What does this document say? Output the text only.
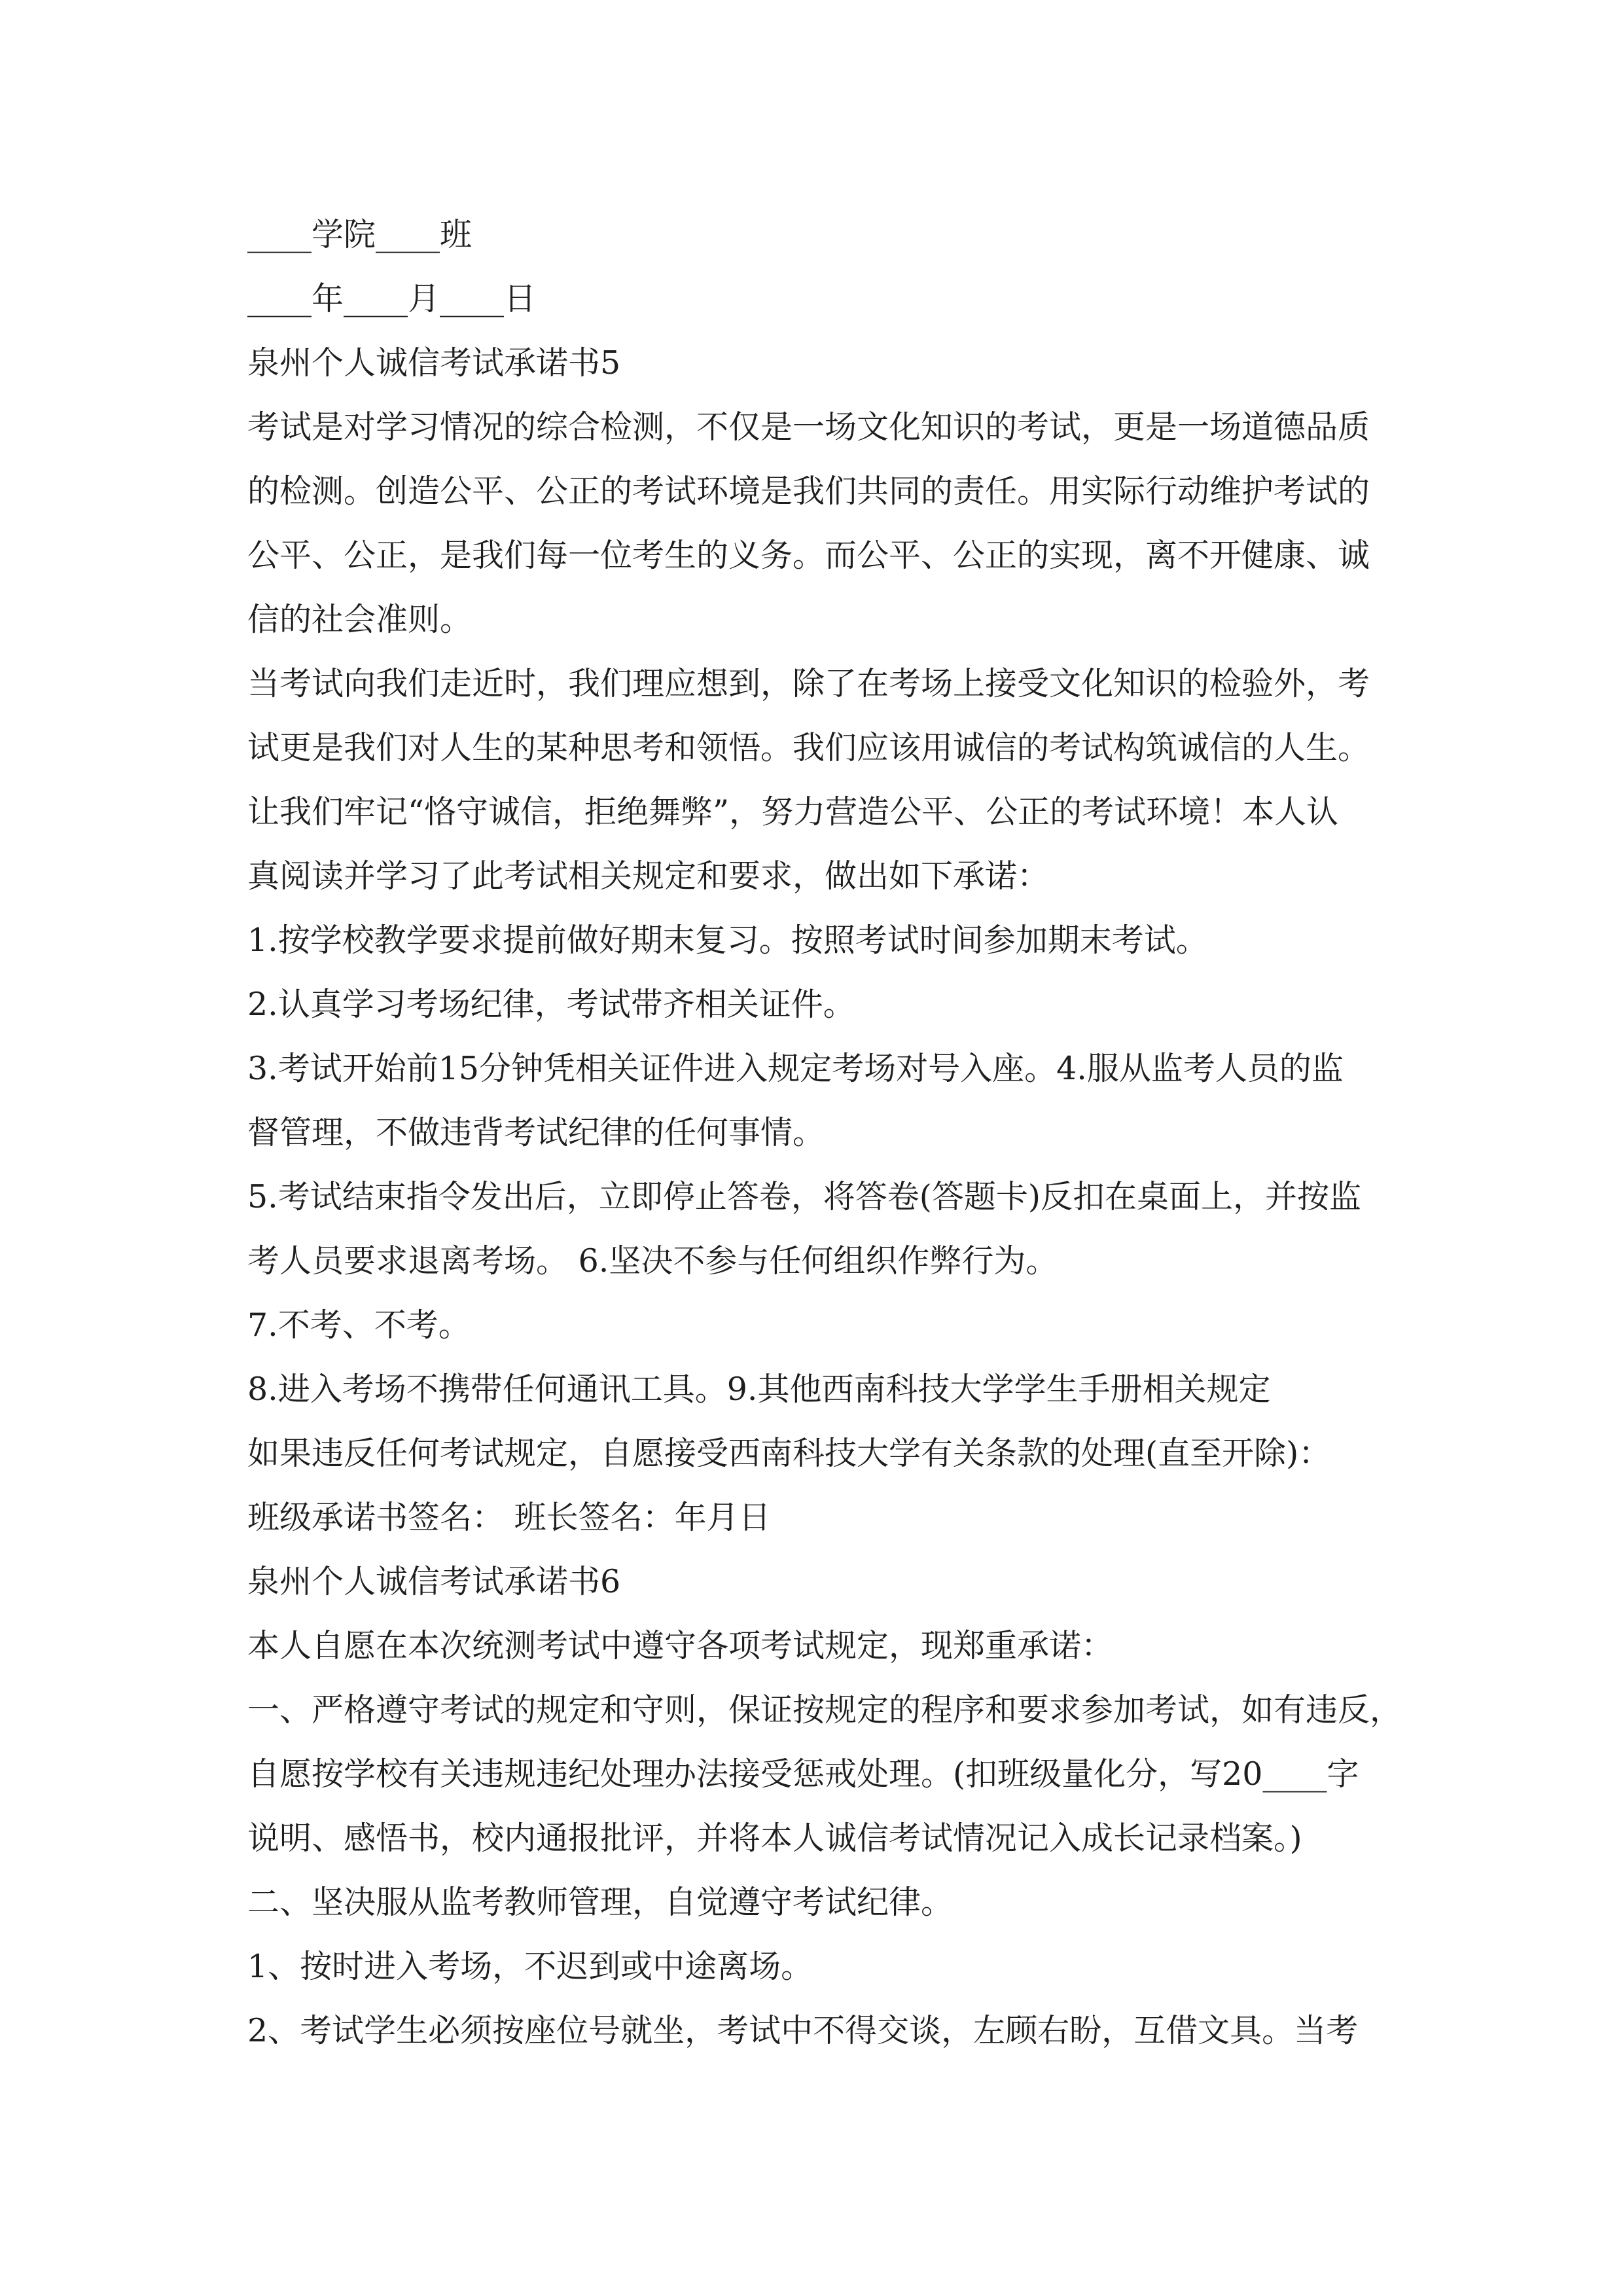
____学院____班
____年____月____日
泉州个人诚信考试承诺书5
考试是对学习情况的综合检测，不仅是一场文化知识的考试，更是一场道德品质
的检测。创造公平、公正的考试环境是我们共同的责任。用实际行动维护考试的
公平、公正，是我们每一位考生的义务。而公平、公正的实现，离不开健康、诚
信的社会准则。
当考试向我们走近时，我们理应想到，除了在考场上接受文化知识的检验外，考
试更是我们对人生的某种思考和领悟。我们应该用诚信的考试构筑诚信的人生。
让我们牢记“恪守诚信，拒绝舞弊”，努力营造公平、公正的考试环境！本人认
真阅读并学习了此考试相关规定和要求，做出如下承诺：
1.按学校教学要求提前做好期末复习。按照考试时间参加期末考试。
2.认真学习考场纪律，考试带齐相关证件。
3.考试开始前15分钟凭相关证件进入规定考场对号入座。4.服从监考人员的监
督管理，不做违背考试纪律的任何事情。
5.考试结束指令发出后，立即停止答卷，将答卷(答题卡)反扣在桌面上，并按监
考人员要求退离考场。 6.坚决不参与任何组织作弊行为。
7.不考、不考。
8.进入考场不携带任何通讯工具。9.其他西南科技大学学生手册相关规定
如果违反任何考试规定，自愿接受西南科技大学有关条款的处理(直至开除)：
班级承诺书签名： 班长签名：年月日
泉州个人诚信考试承诺书6
本人自愿在本次统测考试中遵守各项考试规定，现郑重承诺：
一、严格遵守考试的规定和守则，保证按规定的程序和要求参加考试，如有违反，
自愿按学校有关违规违纪处理办法接受惩戒处理。(扣班级量化分，写20____字
说明、感悟书，校内通报批评，并将本人诚信考试情况记入成长记录档案。)
二、坚决服从监考教师管理，自觉遵守考试纪律。
1、按时进入考场，不迟到或中途离场。
2、考试学生必须按座位号就坐，考试中不得交谈，左顾右盼，互借文具。当考
